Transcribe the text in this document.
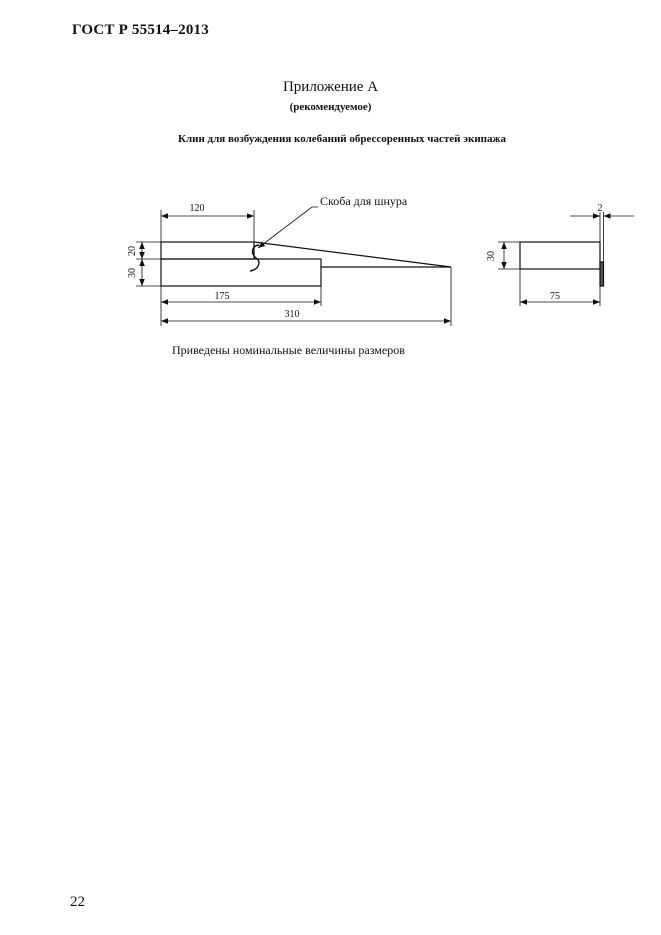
ГОСТ Р 55514–2013
Приложение А
(рекомендуемое)
Клин для возбуждения колебаний обрессоренных частей экипажа
120
175
310
20
30
Скоба для шнура
30
75
2
Приведены номинальные величины размеров
22
